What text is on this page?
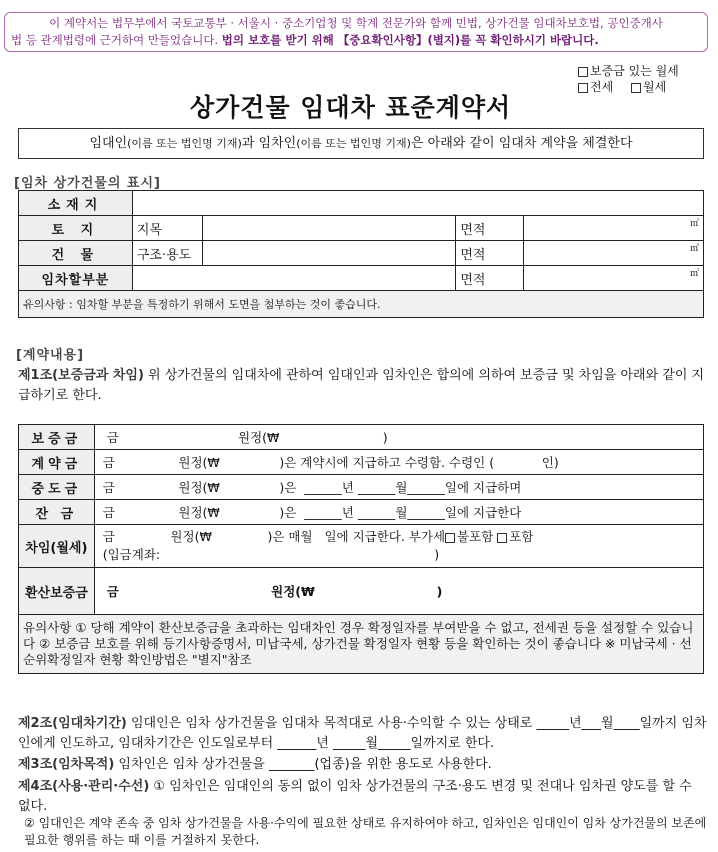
이 계약서는 법무부에서 국토교통부 · 서울시 · 중소기업청 및 학계 전문가와 함께 민법, 상가건물 임대차보호법, 공인중개사
법 등 관계법령에 근거하여 만들었습니다. 법의 보호를 받기 위해 【중요확인사항】(별지)를 꼭 확인하시기 바랍니다.
보증금 있는 월세
전세 월세
상가건물 임대차 표준계약서
임대인(이름 또는 법인명 기재)과 임차인(이름 또는 법인명 기재)은 아래와 같이 임대차 계약을 체결한다
[임차 상가건물의 표시]
소재지				
토 지	지목		면적	㎡
건 물	구조·용도		면적	㎡
임차할부분			면적	㎡
유의사항 : 임차할 부분을 특정하기 위해서 도면을 첨부하는 것이 좋습니다.				
[계약내용]
제1조(보증금과 차임) 위 상가건물의 임대차에 관하여 임대인과 임차인은 합의에 의하여 보증금 및 차임을 아래와 같이 지급하기로 한다.
보증금	금                              원정(₩                          )
계약금	금                원정(₩               )은 계약시에 지급하고 수령함. 수령인 (            인)
중도금	금                원정(₩               )은  ______년 ______월______일에 지급하며
잔 금	금                원정(₩               )은  ______년 ______월______일에 지급한다
차임(월세)	금              원정(₩              )은 매월   일에 지급한다. 부가세 불포함 포함
(입금계좌:                                                                     )
환산보증금	금                                   원정(₩                            )
유의사항 ① 당해 계약이 환산보증금을 초과하는 임대차인 경우 확정일자를 부여받을 수 없고, 전세권 등을 설정할 수 있습니다 ② 보증금 보호를 위해 등기사항증명서, 미납국세, 상가건물 확정일자 현황 등을 확인하는 것이 좋습니다 ※ 미납국세 · 선순위확정일자 현황 확인방법은 "별지"참조	
제2조(임대차기간) 임대인은 임차 상가건물을 임대차 목적대로 사용·수익할 수 있는 상태로 _____년___월____일까지 임차인에게 인도하고, 임대차기간은 인도일로부터 ______년 _____월_____일까지로 한다.
제3조(임차목적) 임차인은 임차 상가건물을 _______(업종)을 위한 용도로 사용한다.
제4조(사용·관리·수선) ① 임차인은 임대인의 동의 없이 임차 상가건물의 구조·용도 변경 및 전대나 임차권 양도를 할 수 없다.
② 임대인은 계약 존속 중 임차 상가건물을 사용·수익에 필요한 상태로 유지하여야 하고, 임차인은 임대인이 임차 상가건물의 보존에 필요한 행위를 하는 때 이를 거절하지 못한다.
